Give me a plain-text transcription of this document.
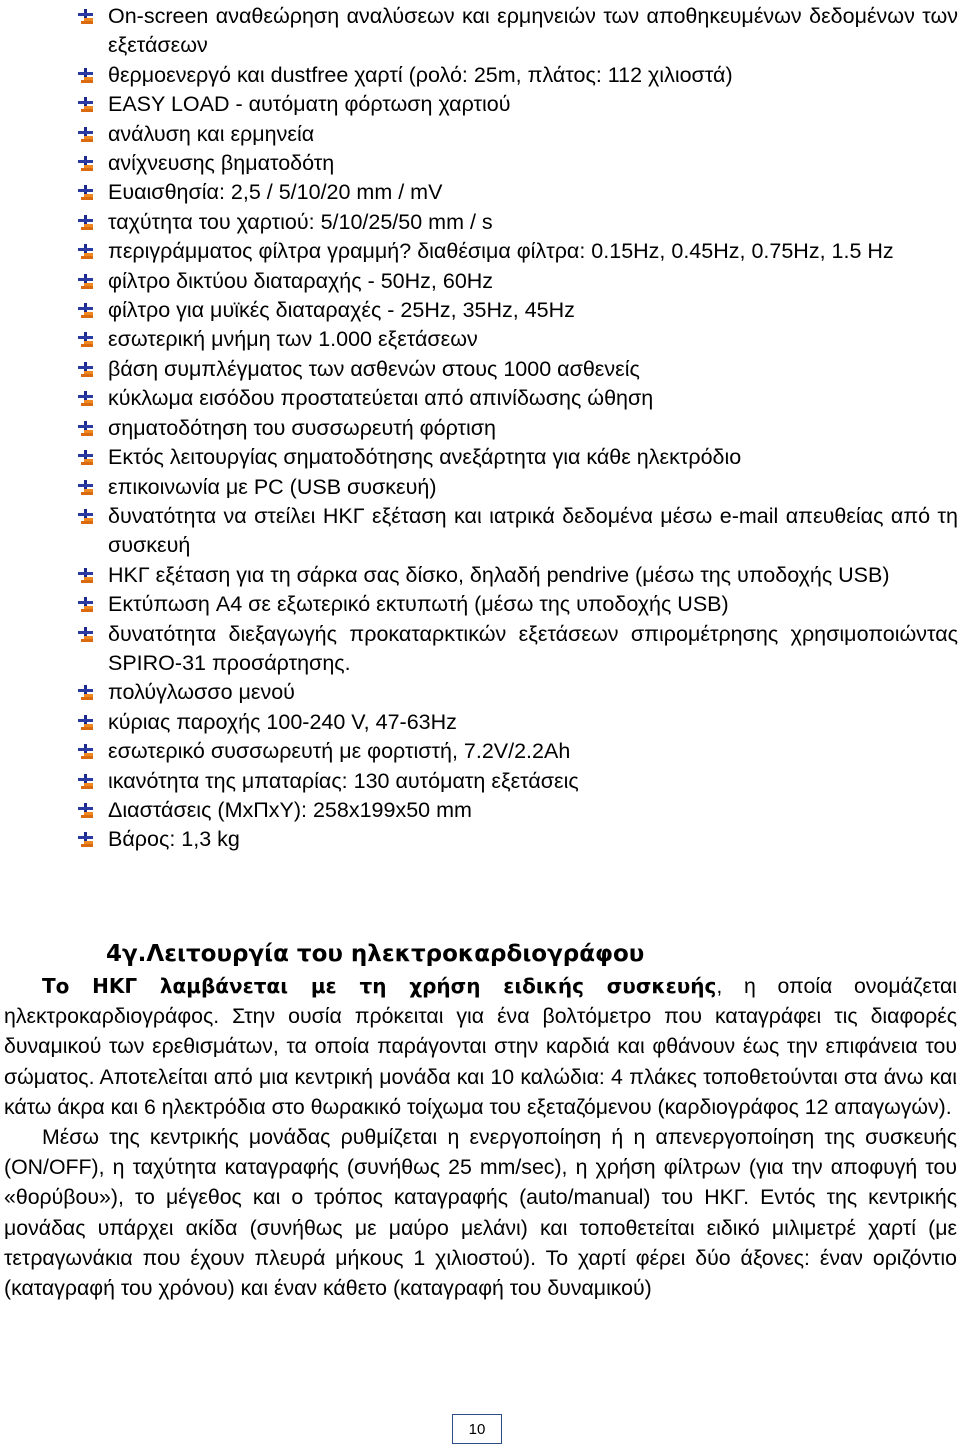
On-screen αναθεώρηση αναλύσεων και ερμηνειών των αποθηκευμένων δεδομένων των εξετάσεων
θερμοενεργό και dustfree χαρτί (ρολό: 25m, πλάτος: 112 χιλιοστά)
EASY LOAD - αυτόματη φόρτωση χαρτιού
ανάλυση και ερμηνεία
ανίχνευσης βηματοδότη
Ευαισθησία: 2,5 / 5/10/20 mm / mV
ταχύτητα του χαρτιού: 5/10/25/50 mm / s
περιγράμματος φίλτρα γραμμή? διαθέσιμα φίλτρα: 0.15Hz, 0.45Hz, 0.75Hz, 1.5 Hz
φίλτρο δικτύου διαταραχής - 50Hz, 60Hz
φίλτρο για μυϊκές διαταραχές - 25Hz, 35Hz, 45Hz
εσωτερική μνήμη των 1.000 εξετάσεων
βάση συμπλέγματος των ασθενών στους 1000 ασθενείς
κύκλωμα εισόδου προστατεύεται από απινίδωσης ώθηση
σηματοδότηση του συσσωρευτή φόρτιση
Εκτός λειτουργίας σηματοδότησης ανεξάρτητα για κάθε ηλεκτρόδιο
επικοινωνία με PC (USB συσκευή)
δυνατότητα να στείλει ΗΚΓ εξέταση και ιατρικά δεδομένα μέσω e-mail απευθείας από τη συσκευή
ΗΚΓ εξέταση για τη σάρκα σας δίσκο, δηλαδή pendrive (μέσω της υποδοχής USB)
Εκτύπωση A4 σε εξωτερικό εκτυπωτή (μέσω της υποδοχής USB)
δυνατότητα διεξαγωγής προκαταρκτικών εξετάσεων σπιρομέτρησης χρησιμοποιώντας SPIRO-31 προσάρτησης.
πολύγλωσσο μενού
κύριας παροχής 100-240 V, 47-63Hz
εσωτερικό συσσωρευτή με φορτιστή, 7.2V/2.2Ah
ικανότητα της μπαταρίας: 130 αυτόματη εξετάσεις
Διαστάσεις (ΜxΠxΥ): 258x199x50 mm
Βάρος: 1,3 kg
4γ.Λειτουργία του ηλεκτροκαρδιογράφου

Το ΗΚΓ λαμβάνεται με τη χρήση ειδικής συσκευής, η οποία ονομάζεται ηλεκτροκαρδιογράφος. Στην ουσία πρόκειται για ένα βολτόμετρο που καταγράφει τις διαφορές δυναμικού των ερεθισμάτων, τα οποία παράγονται στην καρδιά και φθάνουν έως την επιφάνεια του σώματος. Αποτελείται από μια κεντρική μονάδα και 10 καλώδια: 4 πλάκες τοποθετούνται στα άνω και κάτω άκρα και 6 ηλεκτρόδια στο θωρακικό τοίχωμα του εξεταζόμενου (καρδιογράφος 12 απαγωγών).

Μέσω της κεντρικής μονάδας ρυθμίζεται η ενεργοποίηση ή η απενεργοποίηση της συσκευής (ON/OFF), η ταχύτητα καταγραφής (συνήθως 25 mm/sec), η χρήση φίλτρων (για την αποφυγή του «θορύβου»), το μέγεθος και ο τρόπος καταγραφής (auto/manual) του ΗΚΓ. Εντός της κεντρικής μονάδας υπάρχει ακίδα (συνήθως με μαύρο μελάνι) και τοποθετείται ειδικό μιλιμετρέ χαρτί (με τετραγωνάκια που έχουν πλευρά μήκους 1 χιλιοστού). Το χαρτί φέρει δύο άξονες: έναν οριζόντιο (καταγραφή του χρόνου) και έναν κάθετο (καταγραφή του δυναμικού)

10
